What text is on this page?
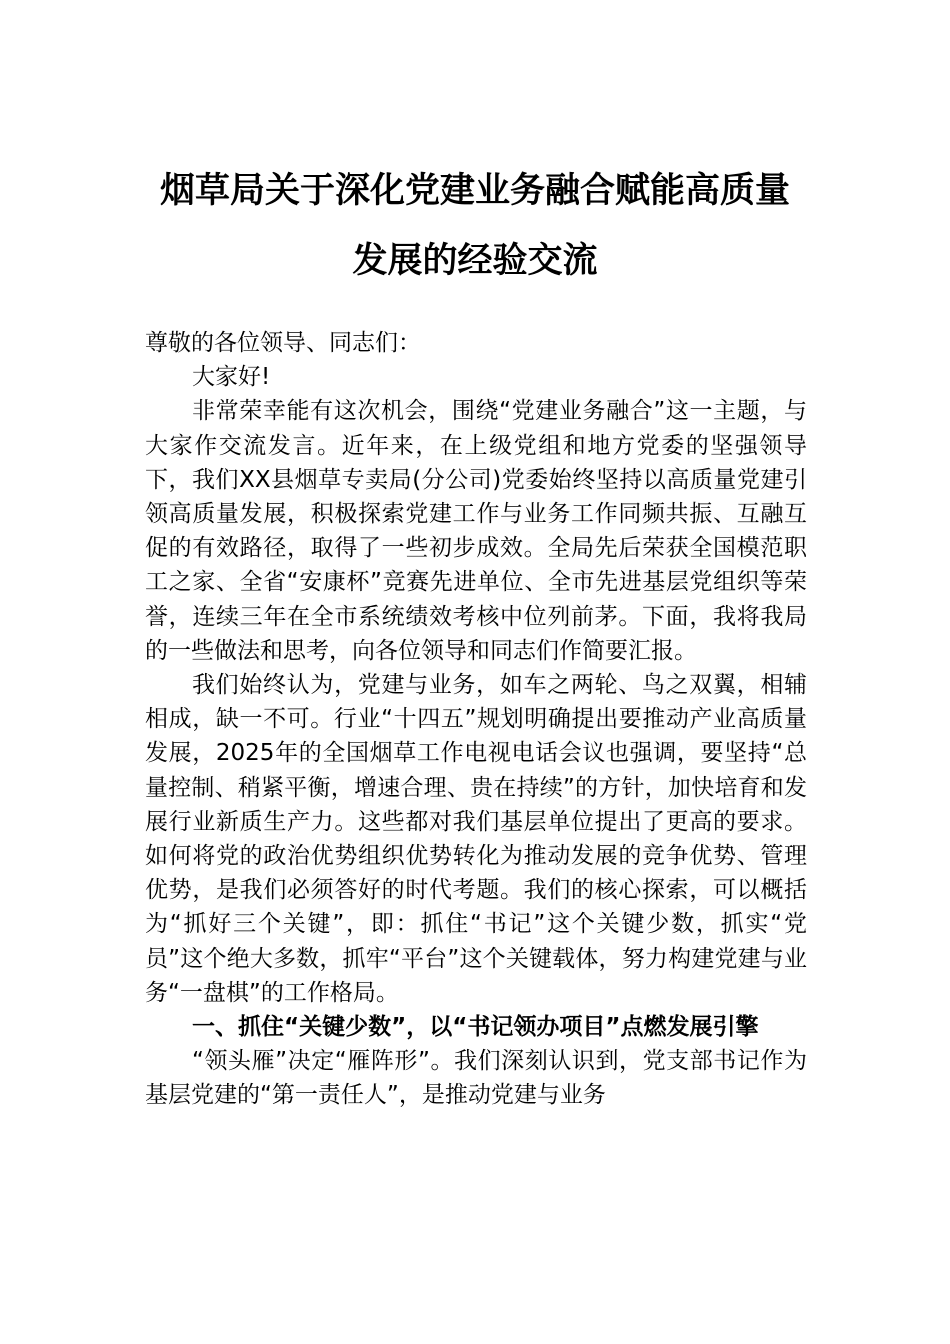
烟草局关于深化党建业务融合赋能高质量
发展的经验交流

尊敬的各位领导、同志们：

大家好!

非常荣幸能有这次机会，围绕“党建业务融合”这一主题，与大家作交流发言。近年来，在上级党组和地方党委的坚强领导下，我们XX县烟草专卖局(分公司)党委始终坚持以高质量党建引领高质量发展，积极探索党建工作与业务工作同频共振、互融互促的有效路径，取得了一些初步成效。全局先后荣获全国模范职工之家、全省“安康杯”竞赛先进单位、全市先进基层党组织等荣誉，连续三年在全市系统绩效考核中位列前茅。下面，我将我局的一些做法和思考，向各位领导和同志们作简要汇报。

我们始终认为，党建与业务，如车之两轮、鸟之双翼，相辅相成，缺一不可。行业“十四五”规划明确提出要推动产业高质量发展，2025年的全国烟草工作电视电话会议也强调，要坚持“总量控制、稍紧平衡，增速合理、贵在持续”的方针，加快培育和发展行业新质生产力。这些都对我们基层单位提出了更高的要求。如何将党的政治优势组织优势转化为推动发展的竞争优势、管理优势，是我们必须答好的时代考题。我们的核心探索，可以概括为“抓好三个关键”，即：抓住“书记”这个关键少数，抓实“党员”这个绝大多数，抓牢“平台”这个关键载体，努力构建党建与业务“一盘棋”的工作格局。

一、抓住“关键少数”，以“书记领办项目”点燃发展引擎

“领头雁”决定“雁阵形”。我们深刻认识到，党支部书记作为基层党建的“第一责任人”，是推动党建与业务
